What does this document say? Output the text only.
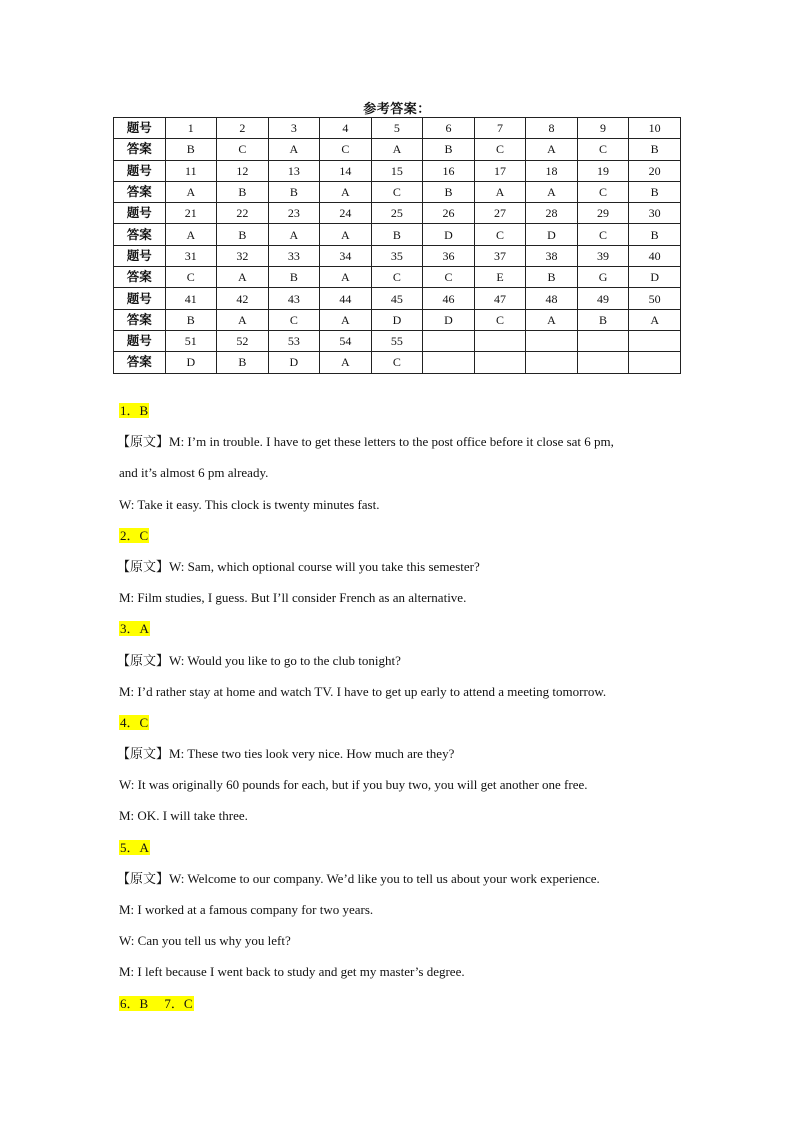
参考答案：
题号	1	2	3	4	5	6	7	8	9	10
答案	B	C	A	C	A	B	C	A	C	B
题号	11	12	13	14	15	16	17	18	19	20
答案	A	B	B	A	C	B	A	A	C	B
题号	21	22	23	24	25	26	27	28	29	30
答案	A	B	A	A	B	D	C	D	C	B
题号	31	32	33	34	35	36	37	38	39	40
答案	C	A	B	A	C	C	E	B	G	D
题号	41	42	43	44	45	46	47	48	49	50
答案	B	A	C	A	D	D	C	A	B	A
题号	51	52	53	54	55					
答案	D	B	D	A	C					
1．B
【原文】M: I’m in trouble. I have to get these letters to the post office before it close sat 6 pm,
and it’s almost 6 pm already.
W: Take it easy. This clock is twenty minutes fast.
2．C
【原文】W: Sam, which optional course will you take this semester?
M: Film studies, I guess. But I’ll consider French as an alternative.
3．A
【原文】W: Would you like to go to the club tonight?
M: I’d rather stay at home and watch TV. I have to get up early to attend a meeting tomorrow.
4．C
【原文】M: These two ties look very nice. How much are they?
W: It was originally 60 pounds for each, but if you buy two, you will get another one free.
M: OK. I will take three.
5．A
【原文】W: Welcome to our company. We’d like you to tell us about your work experience.
M: I worked at a famous company for two years.
W: Can you tell us why you left?
M: I left because I went back to study and get my master’s degree.
6．B　 7．C
